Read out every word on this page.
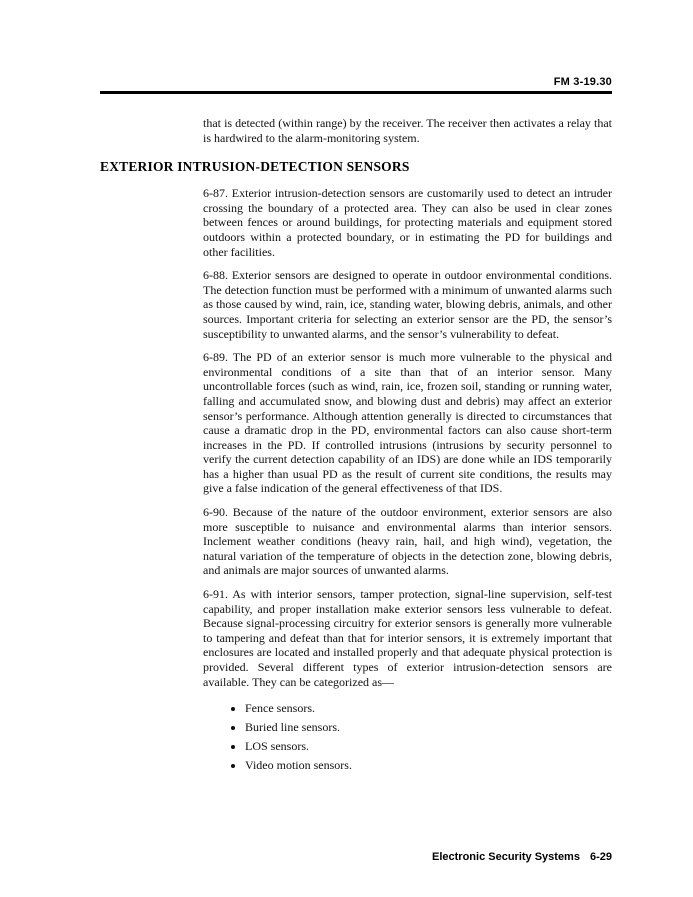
FM 3-19.30

that is detected (within range) by the receiver. The receiver then activates a relay that is hardwired to the alarm-monitoring system.

EXTERIOR INTRUSION-DETECTION SENSORS

6-87. Exterior intrusion-detection sensors are customarily used to detect an intruder crossing the boundary of a protected area. They can also be used in clear zones between fences or around buildings, for protecting materials and equipment stored outdoors within a protected boundary, or in estimating the PD for buildings and other facilities.

6-88. Exterior sensors are designed to operate in outdoor environmental conditions. The detection function must be performed with a minimum of unwanted alarms such as those caused by wind, rain, ice, standing water, blowing debris, animals, and other sources. Important criteria for selecting an exterior sensor are the PD, the sensor’s susceptibility to unwanted alarms, and the sensor’s vulnerability to defeat.

6-89. The PD of an exterior sensor is much more vulnerable to the physical and environmental conditions of a site than that of an interior sensor. Many uncontrollable forces (such as wind, rain, ice, frozen soil, standing or running water, falling and accumulated snow, and blowing dust and debris) may affect an exterior sensor’s performance. Although attention generally is directed to circumstances that cause a dramatic drop in the PD, environmental factors can also cause short-term increases in the PD. If controlled intrusions (intrusions by security personnel to verify the current detection capability of an IDS) are done while an IDS temporarily has a higher than usual PD as the result of current site conditions, the results may give a false indication of the general effectiveness of that IDS.

6-90. Because of the nature of the outdoor environment, exterior sensors are also more susceptible to nuisance and environmental alarms than interior sensors. Inclement weather conditions (heavy rain, hail, and high wind), vegetation, the natural variation of the temperature of objects in the detection zone, blowing debris, and animals are major sources of unwanted alarms.

6-91. As with interior sensors, tamper protection, signal-line supervision, self-test capability, and proper installation make exterior sensors less vulnerable to defeat. Because signal-processing circuitry for exterior sensors is generally more vulnerable to tampering and defeat than that for interior sensors, it is extremely important that enclosures are located and installed properly and that adequate physical protection is provided. Several different types of exterior intrusion-detection sensors are available. They can be categorized as—

• Fence sensors.
• Buried line sensors.
• LOS sensors.
• Video motion sensors.
Electronic Security Systems 6-29
